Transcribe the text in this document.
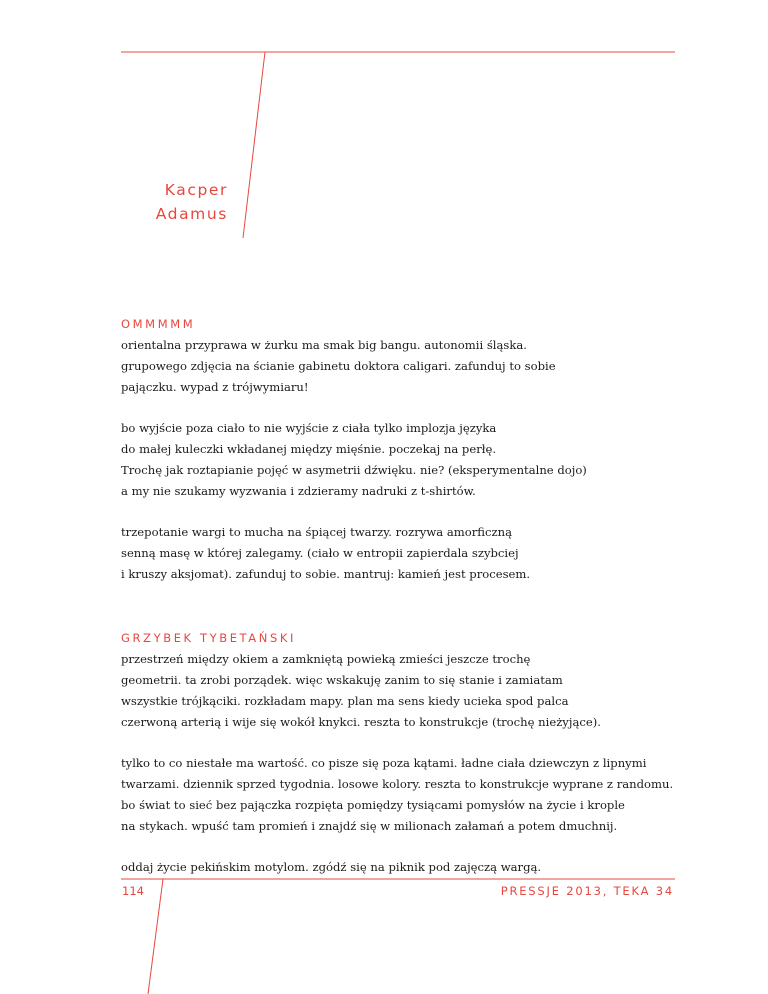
Kacper
Adamus
OMMMMM
orientalna przyprawa w żurku ma smak big bangu. autonomii śląska.
grupowego zdjęcia na ścianie gabinetu doktora caligari. zafunduj to sobie
pajączku. wypad z trójwymiaru!
bo wyjście poza ciało to nie wyjście z ciała tylko implozja języka
do małej kuleczki wkładanej między mięśnie. poczekaj na perłę.
Trochę jak roztapianie pojęć w asymetrii dźwięku. nie? (eksperymentalne dojo)
a my nie szukamy wyzwania i zdzieramy nadruki z t-shirtów.
trzepotanie wargi to mucha na śpiącej twarzy. rozrywa amorficzną
senną masę w której zalegamy. (ciało w entropii zapierdala szybciej
i kruszy aksjomat). zafunduj to sobie. mantruj: kamień jest procesem.
GRZYBEK TYBETAŃSKI
przestrzeń między okiem a zamkniętą powieką zmieści jeszcze trochę
geometrii. ta zrobi porządek. więc wskakuję zanim to się stanie i zamiatam
wszystkie trójkąciki. rozkładam mapy. plan ma sens kiedy ucieka spod palca
czerwoną arterią i wije się wokół knykci. reszta to konstrukcje (trochę nieżyjące).
tylko to co niestałe ma wartość. co pisze się poza kątami. ładne ciała dziewczyn z lipnymi
twarzami. dziennik sprzed tygodnia. losowe kolory. reszta to konstrukcje wyprane z randomu.
bo świat to sieć bez pajączka rozpięta pomiędzy tysiącami pomysłów na życie i krople
na stykach. wpuść tam promień i znajdź się w milionach załamań a potem dmuchnij.
oddaj życie pekińskim motylom. zgódź się na piknik pod zajęczą wargą.
114	PRESSJE 2013, TEKA 34
